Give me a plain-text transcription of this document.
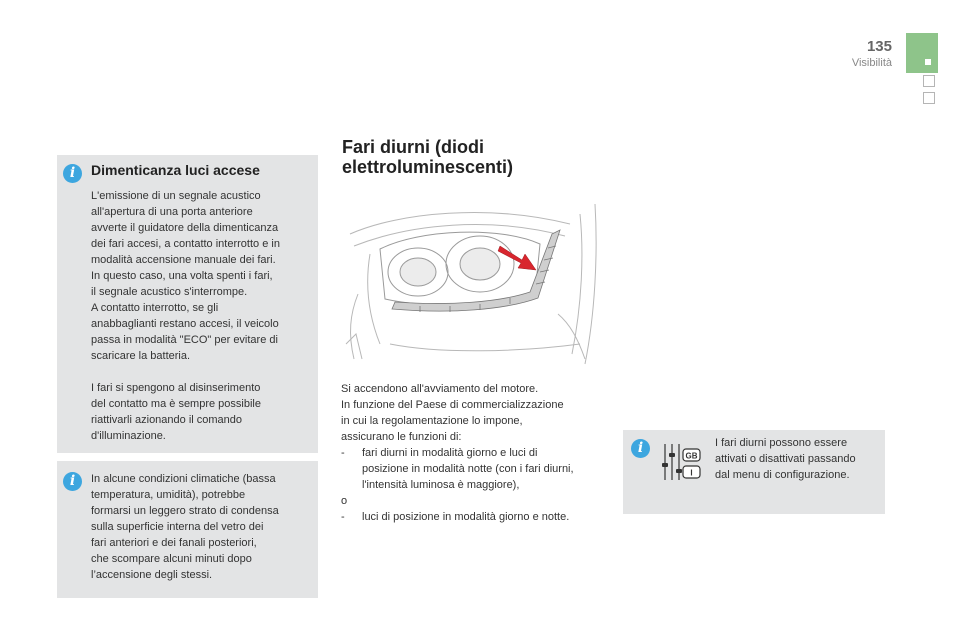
135
Visibilità
i	Dimenticanza luci accese
L'emissione di un segnale acustico
all'apertura di una porta anteriore
avverte il guidatore della dimenticanza
dei fari accesi, a contatto interrotto e in
modalità accensione manuale dei fari.
In questo caso, una volta spenti i fari,
il segnale acustico s'interrompe.
A contatto interrotto, se gli
anabbaglianti restano accesi, il veicolo
passa in modalità "ECO" per evitare di
scaricare la batteria.
I fari si spengono al disinserimento
del contatto ma è sempre possibile
riattivarli azionando il comando
d'illuminazione.
i	In alcune condizioni climatiche (bassa
temperatura, umidità), potrebbe
formarsi un leggero strato di condensa
sulla superficie interna del vetro dei
fari anteriori e dei fanali posteriori,
che scompare alcuni minuti dopo
l’accensione degli stessi.
Fari diurni (diodi
elettroluminescenti)
Si accendono all'avviamento del motore.
In funzione del Paese di commercializzazione
in cui la regolamentazione lo impone,
assicurano le funzioni di:
- fari diurni in modalità giorno e luci di
posizione in modalità notte (con i fari diurni,
l'intensità luminosa è maggiore),
o
- luci di posizione in modalità giorno e notte.
i	I fari diurni possono essere
attivati o disattivati passando
dal menu di configurazione.
GB
I
